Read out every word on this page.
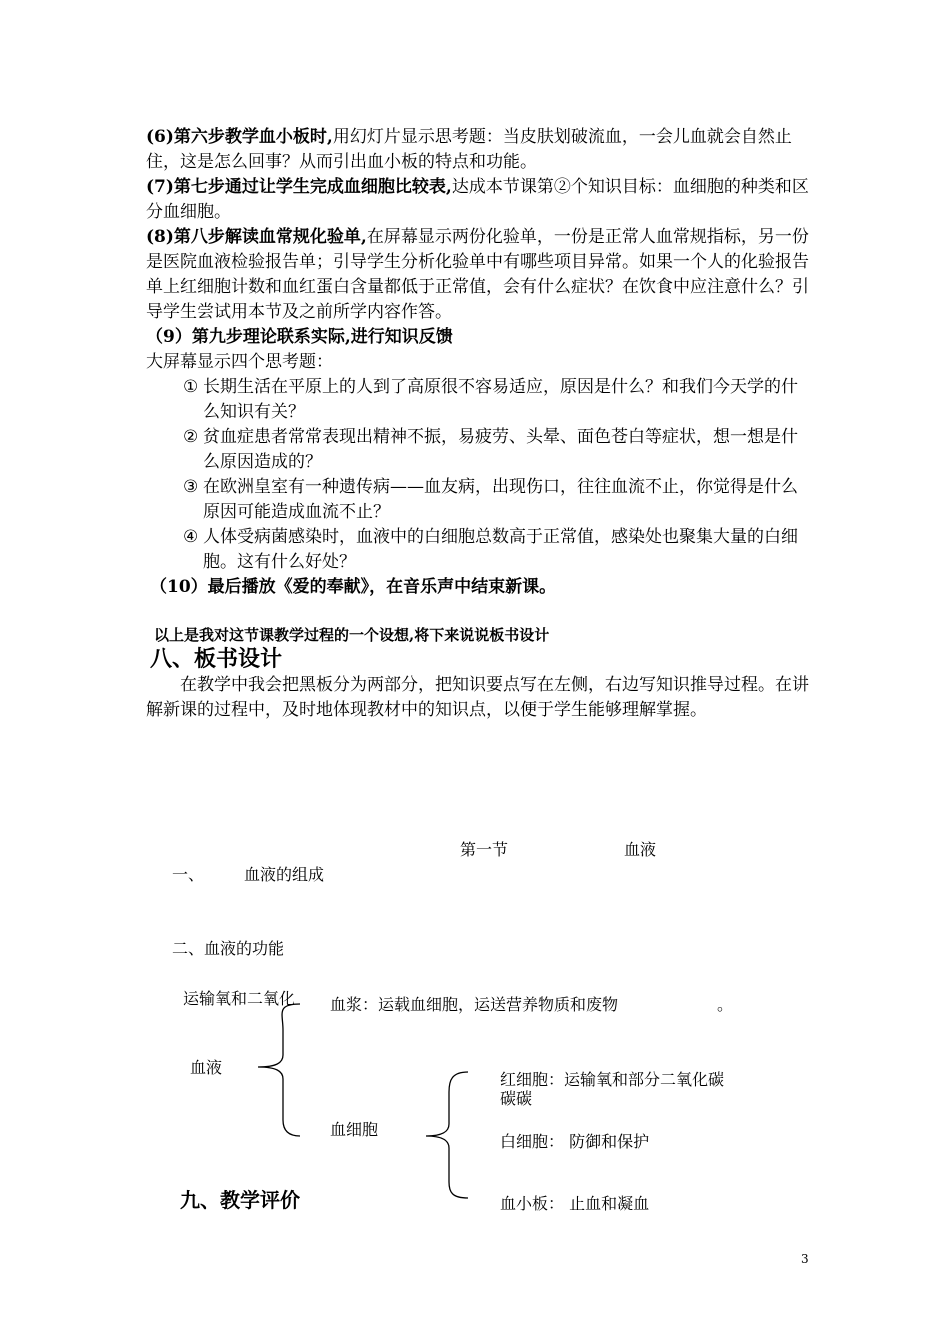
(6)第六步教学血小板时,用幻灯片显示思考题：当皮肤划破流血，一会儿血就会自然止住，这是怎么回事？从而引出血小板的特点和功能。
(7)第七步通过让学生完成血细胞比较表,达成本节课第②个知识目标：血细胞的种类和区分血细胞。
(8)第八步解读血常规化验单,在屏幕显示两份化验单，一份是正常人血常规指标，另一份是医院血液检验报告单；引导学生分析化验单中有哪些项目异常。如果一个人的化验报告单上红细胞计数和血红蛋白含量都低于正常值，会有什么症状？在饮食中应注意什么？引导学生尝试用本节及之前所学内容作答。
（9）第九步理论联系实际,进行知识反馈
大屏幕显示四个思考题：
① 长期生活在平原上的人到了高原很不容易适应，原因是什么？和我们今天学的什么知识有关？
② 贫血症患者常常表现出精神不振，易疲劳、头晕、面色苍白等症状，想一想是什么原因造成的？
③ 在欧洲皇室有一种遗传病——血友病，出现伤口，往往血流不止，你觉得是什么原因可能造成血流不止？
④ 人体受病菌感染时，血液中的白细胞总数高于正常值，感染处也聚集大量的白细胞。这有什么好处？
（10）最后播放《爱的奉献》，在音乐声中结束新课。
以上是我对这节课教学过程的一个设想,将下来说说板书设计
八、板书设计
在教学中我会把黑板分为两部分，把知识要点写在左侧，右边写知识推导过程。在讲解新课的过程中，及时地体现教材中的知识点，以便于学生能够理解掌握。
第一节	血液
一、 血液的组成
二、血液的功能
运输氧和二氧化 血浆：运载血细胞，运送营养物质和废物	。
血液
血细胞
红细胞：运输氧和部分二氧化碳
碳碳
白细胞： 防御和保护
血小板： 止血和凝血
九、教学评价
3
